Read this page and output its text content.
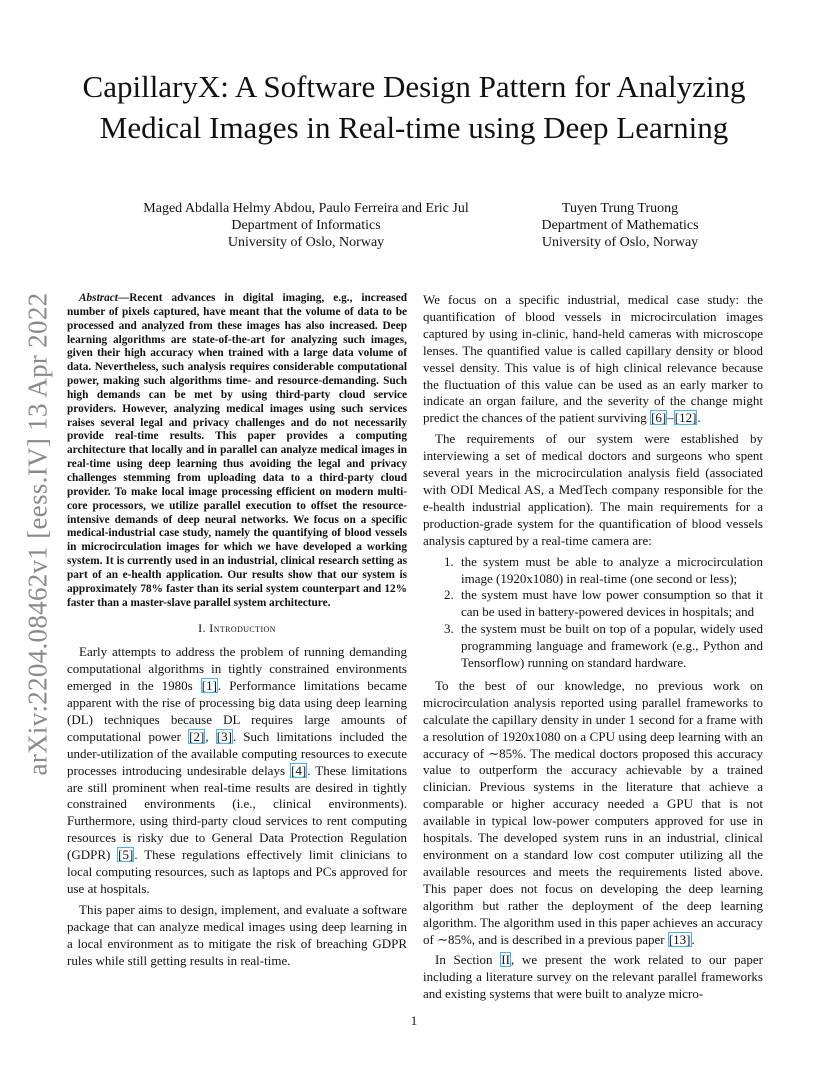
arXiv:2204.08462v1 [eess.IV] 13 Apr 2022
CapillaryX: A Software Design Pattern for Analyzing Medical Images in Real-time using Deep Learning
Maged Abdalla Helmy Abdou, Paulo Ferreira and Eric Jul
Department of Informatics
University of Oslo, Norway
Tuyen Trung Truong
Department of Mathematics
University of Oslo, Norway

Abstract—Recent advances in digital imaging, e.g., increased number of pixels captured, have meant that the volume of data to be processed and analyzed from these images has also increased. Deep learning algorithms are state-of-the-art for analyzing such images, given their high accuracy when trained with a large data volume of data. Nevertheless, such analysis requires considerable computational power, making such algorithms time- and resource-demanding. Such high demands can be met by using third-party cloud service providers. However, analyzing medical images using such services raises several legal and privacy challenges and do not necessarily provide real-time results. This paper provides a computing architecture that locally and in parallel can analyze medical images in real-time using deep learning thus avoiding the legal and privacy challenges stemming from uploading data to a third-party cloud provider. To make local image processing efficient on modern multi-core processors, we utilize parallel execution to offset the resource-intensive demands of deep neural networks. We focus on a specific medical-industrial case study, namely the quantifying of blood vessels in microcirculation images for which we have developed a working system. It is currently used in an industrial, clinical research setting as part of an e-health application. Our results show that our system is approximately 78% faster than its serial system counterpart and 12% faster than a master-slave parallel system architecture.

I. Introduction

Early attempts to address the problem of running demanding computational algorithms in tightly constrained environments emerged in the 1980s [1]. Performance limitations became apparent with the rise of processing big data using deep learning (DL) techniques because DL requires large amounts of computational power [2], [3]. Such limitations included the under-utilization of the available computing resources to execute processes introducing undesirable delays [4]. These limitations are still prominent when real-time results are desired in tightly constrained environments (i.e., clinical environments). Furthermore, using third-party cloud services to rent computing resources is risky due to General Data Protection Regulation (GDPR) [5]. These regulations effectively limit clinicians to local computing resources, such as laptops and PCs approved for use at hospitals.

This paper aims to design, implement, and evaluate a software package that can analyze medical images using deep learning in a local environment as to mitigate the risk of breaching GDPR rules while still getting results in real-time.

We focus on a specific industrial, medical case study: the quantification of blood vessels in microcirculation images captured by using in-clinic, hand-held cameras with microscope lenses. The quantified value is called capillary density or blood vessel density. This value is of high clinical relevance because the fluctuation of this value can be used as an early marker to indicate an organ failure, and the severity of the change might predict the chances of the patient surviving [6]–[12].

The requirements of our system were established by interviewing a set of medical doctors and surgeons who spent several years in the microcirculation analysis field (associated with ODI Medical AS, a MedTech company responsible for the e-health industrial application). The main requirements for a production-grade system for the quantification of blood vessels analysis captured by a real-time camera are:

1. the system must be able to analyze a microcirculation image (1920x1080) in real-time (one second or less);
2. the system must have low power consumption so that it can be used in battery-powered devices in hospitals; and
3. the system must be built on top of a popular, widely used programming language and framework (e.g., Python and Tensorflow) running on standard hardware.

To the best of our knowledge, no previous work on microcirculation analysis reported using parallel frameworks to calculate the capillary density in under 1 second for a frame with a resolution of 1920x1080 on a CPU using deep learning with an accuracy of ∼85%. The medical doctors proposed this accuracy value to outperform the accuracy achievable by a trained clinician. Previous systems in the literature that achieve a comparable or higher accuracy needed a GPU that is not available in typical low-power computers approved for use in hospitals. The developed system runs in an industrial, clinical environment on a standard low cost computer utilizing all the available resources and meets the requirements listed above. This paper does not focus on developing the deep learning algorithm but rather the deployment of the deep learning algorithm. The algorithm used in this paper achieves an accuracy of ∼85%, and is described in a previous paper [13].

In Section II, we present the work related to our paper including a literature survey on the relevant parallel frameworks and existing systems that were built to analyze micro-

1
